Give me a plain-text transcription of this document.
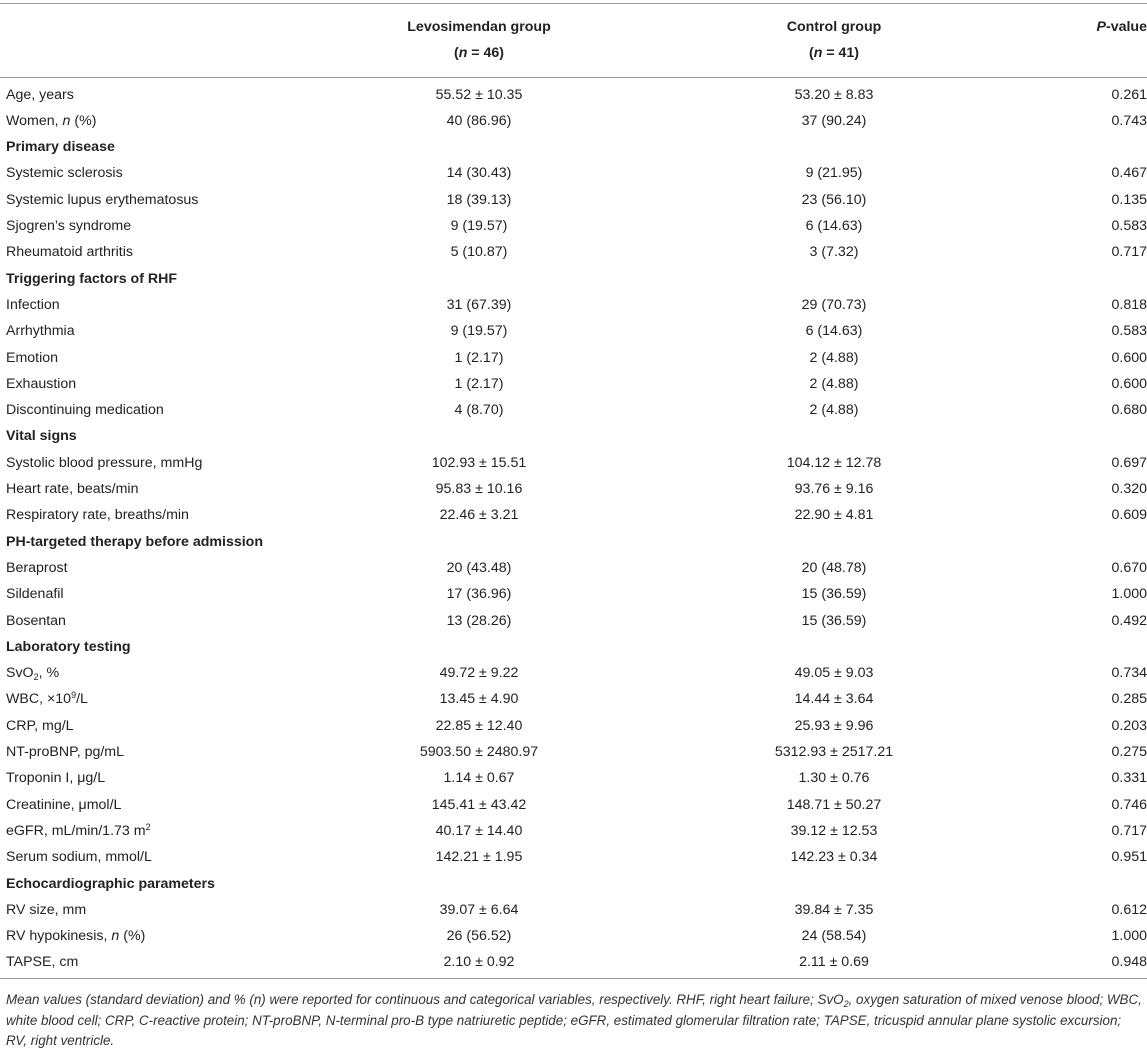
	Levosimendan group	Control group	P-value
	(n = 46)	(n = 41)	
Age, years	55.52 ± 10.35	53.20 ± 8.83	0.261
Women, n (%)	40 (86.96)	37 (90.24)	0.743
Primary disease			
Systemic sclerosis	14 (30.43)	9 (21.95)	0.467
Systemic lupus erythematosus	18 (39.13)	23 (56.10)	0.135
Sjogren’s syndrome	9 (19.57)	6 (14.63)	0.583
Rheumatoid arthritis	5 (10.87)	3 (7.32)	0.717
Triggering factors of RHF			
Infection	31 (67.39)	29 (70.73)	0.818
Arrhythmia	9 (19.57)	6 (14.63)	0.583
Emotion	1 (2.17)	2 (4.88)	0.600
Exhaustion	1 (2.17)	2 (4.88)	0.600
Discontinuing medication	4 (8.70)	2 (4.88)	0.680
Vital signs			
Systolic blood pressure, mmHg	102.93 ± 15.51	104.12 ± 12.78	0.697
Heart rate, beats/min	95.83 ± 10.16	93.76 ± 9.16	0.320
Respiratory rate, breaths/min	22.46 ± 3.21	22.90 ± 4.81	0.609
PH-targeted therapy before admission			
Beraprost	20 (43.48)	20 (48.78)	0.670
Sildenafil	17 (36.96)	15 (36.59)	1.000
Bosentan	13 (28.26)	15 (36.59)	0.492
Laboratory testing			
SvO$_2$, %	49.72 ± 9.22	49.05 ± 9.03	0.734
WBC, $\times 10^9/L$	13.45 ± 4.90	14.44 ± 3.64	0.285
CRP, mg/L	22.85 ± 12.40	25.93 ± 9.96	0.203
NT-proBNP, pg/mL	5903.50 ± 2480.97	5312.93 ± 2517.21	0.275
Troponin I, μg/L	1.14 ± 0.67	1.30 ± 0.76	0.331
Creatinine, μmol/L	145.41 ± 43.42	148.71 ± 50.27	0.746
eGFR, mL/min/1.73 $m^2$	40.17 ± 14.40	39.12 ± 12.53	0.717
Serum sodium, mmol/L	142.21 ± 1.95	142.23 ± 0.34	0.951
Echocardiographic parameters			
RV size, mm	39.07 ± 6.64	39.84 ± 7.35	0.612
RV hypokinesis, n (%)	26 (56.52)	24 (58.54)	1.000
TAPSE, cm	2.10 ± 0.92	2.11 ± 0.69	0.948

Mean values (standard deviation) and % (n) were reported for continuous and categorical variables, respectively. RHF, right heart failure; SvO$_2$, oxygen saturation of mixed venose blood; WBC, white blood cell; CRP, C-reactive protein; NT-proBNP, N-terminal pro-B type natriuretic peptide; eGFR, estimated glomerular filtration rate; TAPSE, tricuspid annular plane systolic excursion; RV, right ventricle.
